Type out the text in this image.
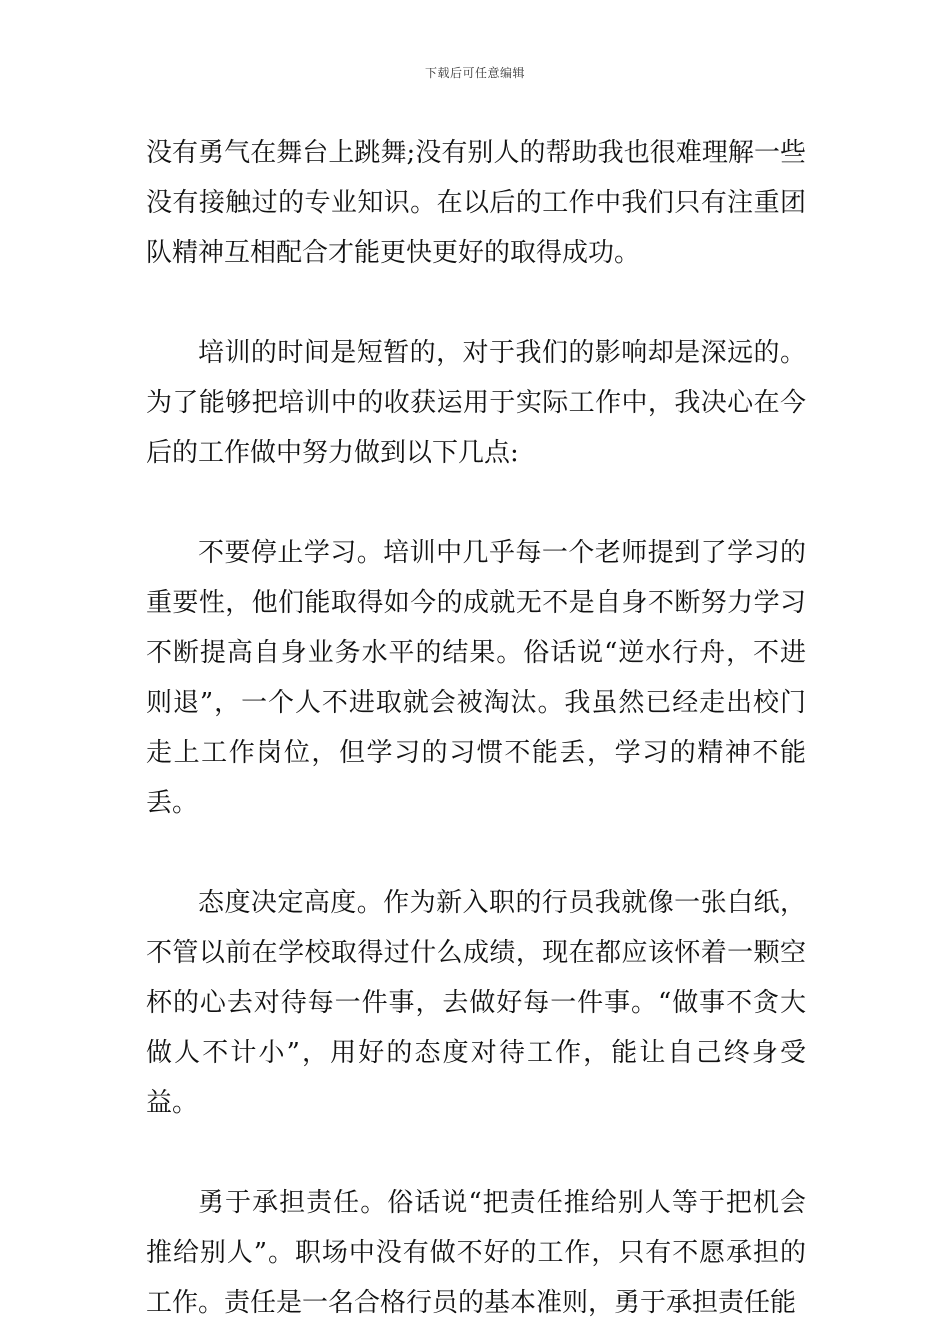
下载后可任意编辑

没有勇气在舞台上跳舞;没有别人的帮助我也很难理解一些没有接触过的专业知识。在以后的工作中我们只有注重团队精神互相配合才能更快更好的取得成功。

培训的时间是短暂的，对于我们的影响却是深远的。为了能够把培训中的收获运用于实际工作中，我决心在今后的工作做中努力做到以下几点:

不要停止学习。培训中几乎每一个老师提到了学习的重要性，他们能取得如今的成就无不是自身不断努力学习不断提高自身业务水平的结果。俗话说“逆水行舟，不进则退”，一个人不进取就会被淘汰。我虽然已经走出校门走上工作岗位，但学习的习惯不能丢，学习的精神不能丢。

态度决定高度。作为新入职的行员我就像一张白纸，不管以前在学校取得过什么成绩，现在都应该怀着一颗空杯的心去对待每一件事，去做好每一件事。“做事不贪大做人不计小”，用好的态度对待工作，能让自己终身受益。

勇于承担责任。俗话说“把责任推给别人等于把机会推给别人”。职场中没有做不好的工作，只有不愿承担的工作。责任是一名合格行员的基本准则，勇于承担责任能
